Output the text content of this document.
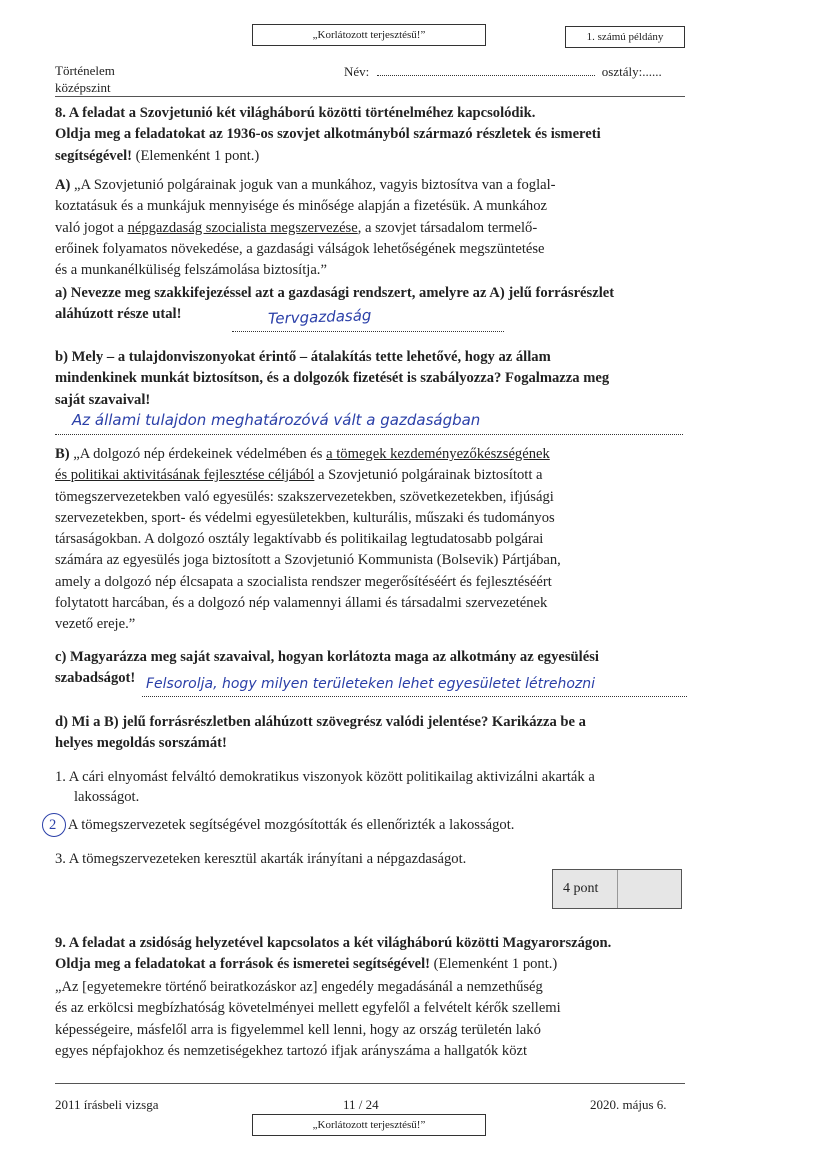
„Korlátozott terjesztésű!”	1. számú példány
Történelem
középszint
Név:	osztály:......
8. A feladat a Szovjetunió két világháború közötti történelméhez kapcsolódik.
Oldja meg a feladatokat az 1936-os szovjet alkotmányból származó részletek és ismereti
segítségével! (Elemenként 1 pont.)
A) „A Szovjetunió polgárainak joguk van a munkához, vagyis biztosítva van a foglal-
koztatásuk és a munkájuk mennyisége és minősége alapján a fizetésük. A munkához
való jogot a népgazdaság szocialista megszervezése, a szovjet társadalom termelő-
erőinek folyamatos növekedése, a gazdasági válságok lehetőségének megszüntetése
és a munkanélküliség felszámolása biztosítja.”
a) Nevezze meg szakkifejezéssel azt a gazdasági rendszert, amelyre az A) jelű forrásrészlet
aláhúzott része utal!	Tervgazdaság
b) Mely – a tulajdonviszonyokat érintő – átalakítás tette lehetővé, hogy az állam
mindenkinek munkát biztosítson, és a dolgozók fizetését is szabályozza? Fogalmazza meg
saját szavaival!
Az állami tulajdon meghatározóvá vált a gazdaságban
B) „A dolgozó nép érdekeinek védelmében és a tömegek kezdeményezőkészségének
és politikai aktivitásának fejlesztése céljából a Szovjetunió polgárainak biztosított a
tömegszervezetekben való egyesülés: szakszervezetekben, szövetkezetekben, ifjúsági
szervezetekben, sport- és védelmi egyesületekben, kulturális, műszaki és tudományos
társaságokban. A dolgozó osztály legaktívabb és politikailag legtudatosabb polgárai
számára az egyesülés joga biztosított a Szovjetunió Kommunista (Bolsevik) Pártjában,
amely a dolgozó nép élcsapata a szocialista rendszer megerősítéséért és fejlesztéséért
folytatott harcában, és a dolgozó nép valamennyi állami és társadalmi szervezetének
vezető ereje.”
c) Magyarázza meg saját szavaival, hogyan korlátozta maga az alkotmány az egyesülési
szabadságot! Felsorolja, hogy milyen területeken lehet egyesületet létrehozni
d) Mi a B) jelű forrásrészletben aláhúzott szövegrész valódi jelentése? Karikázza be a
helyes megoldás sorszámát!
1. A cári elnyomást felváltó demokratikus viszonyok között politikailag aktivizálni akarták a
lakosságot.
2 A tömegszervezetek segítségével mozgósították és ellenőrizték a lakosságot.
3. A tömegszervezeteken keresztül akarták irányítani a népgazdaságot.
4 pont
9. A feladat a zsidóság helyzetével kapcsolatos a két világháború közötti Magyarországon.
Oldja meg a feladatokat a források és ismeretei segítségével! (Elemenként 1 pont.)
„Az [egyetemekre történő beiratkozáskor az] engedély megadásánál a nemzethűség
és az erkölcsi megbízhatóság követelményei mellett egyfelől a felvételt kérők szellemi
képességeire, másfelől arra is figyelemmel kell lenni, hogy az ország területén lakó
egyes népfajokhoz és nemzetiségekhez tartozó ifjak arányszáma a hallgatók közt
2011 írásbeli vizsga	11 / 24	2020. május 6.
„Korlátozott terjesztésű!”
